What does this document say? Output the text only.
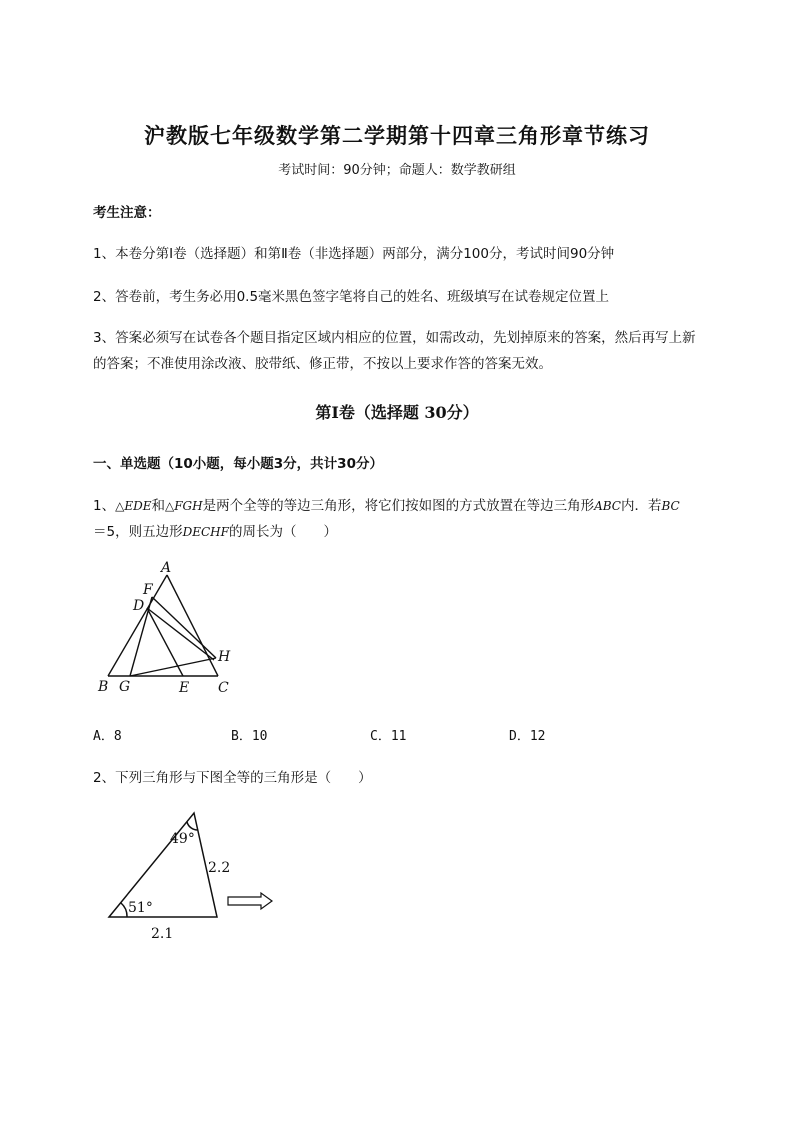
沪教版七年级数学第二学期第十四章三角形章节练习
考试时间：90分钟；命题人：数学教研组
考生注意：
1、本卷分第Ⅰ卷（选择题）和第Ⅱ卷（非选择题）两部分，满分100分，考试时间90分钟
2、答卷前，考生务必用0.5毫米黑色签字笔将自己的姓名、班级填写在试卷规定位置上
3、答案必须写在试卷各个题目指定区域内相应的位置，如需改动，先划掉原来的答案，然后再写上新
的答案；不准使用涂改液、胶带纸、修正带，不按以上要求作答的答案无效。
第Ⅰ卷（选择题 30分）
一、单选题（10小题，每小题3分，共计30分）
1、△EDE和△FGH是两个全等的等边三角形，将它们按如图的方式放置在等边三角形ABC内．若BC
＝5，则五边形DECHF的周长为（　　）
A
F
D
H
B G	E C
A．8	B．10	C．11	D．12
2、下列三角形与下图全等的三角形是（　　）
49°
51°
2.2
2.1
